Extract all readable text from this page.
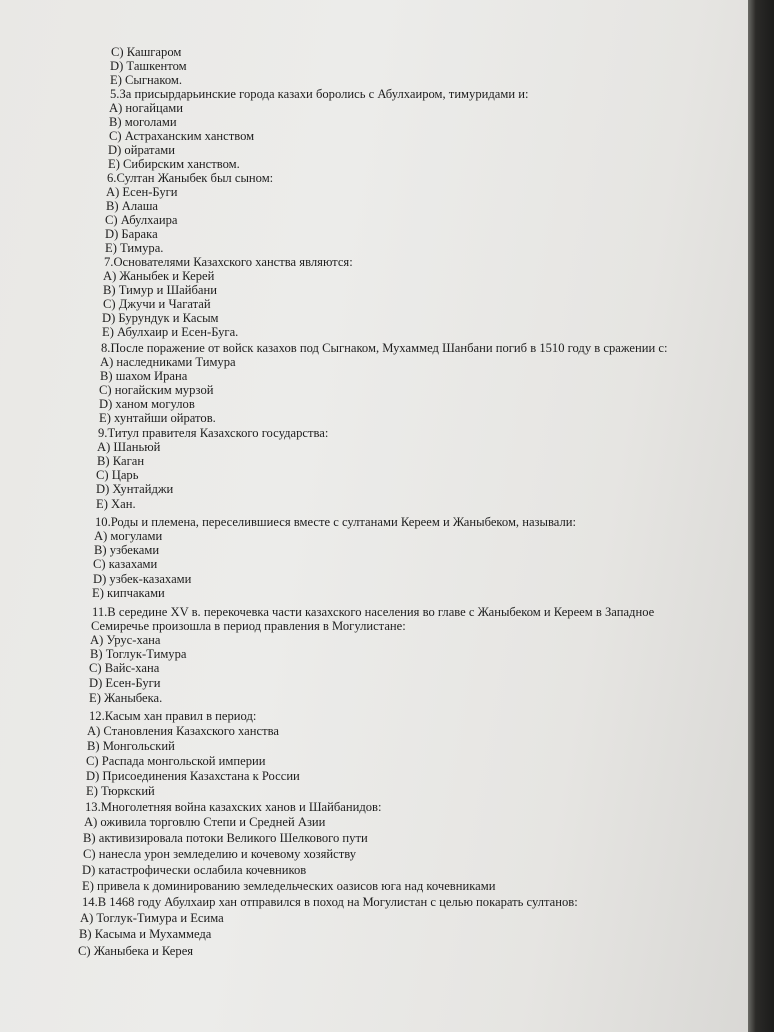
С) Кашгаром
D) Ташкентом
Е) Сыгнаком.
5.За присырдарьинские города казахи боролись с Абулхаиром, тимуридами и:
А) ногайцами
В) моголами
С) Астраханским ханством
D) ойратами
Е) Сибирским ханством.
6.Султан Жаныбек был сыном:
А) Есен-Буги
В) Алаша
С) Абулхаира
D) Барака
Е) Тимура.
7.Основателями Казахского ханства являются:
А) Жаныбек и Керей
В) Тимур и Шайбани
С) Джучи и Чагатай
D) Бурундук и Касым
Е) Абулхаир и Есен-Буга.
8.После поражение от войск казахов под Сыгнаком, Мухаммед Шанбани погиб в 1510 году в сражении с:
А) наследниками Тимура
В) шахом Ирана
С) ногайским мурзой
D) ханом могулов
Е) хунтайши ойратов.
9.Титул правителя Казахского государства:
А) Шаньюй
В) Каган
С) Царь
D) Хунтайджи
Е) Хан.
10.Роды и племена, переселившиеся вместе с султанами Кереем и Жаныбеком, называли:
А) могулами
В) узбеками
С) казахами
D) узбек-казахами
Е) кипчаками
11.В середине XV в. перекочевка части казахского населения во главе с Жаныбеком и Кереем в Западное
Семиречье произошла в период правления в Могулистане:
А) Урус-хана
В) Тоглук-Тимура
С) Вайс-хана
D) Есен-Буги
Е) Жаныбека.
12.Касым хан правил в период:
А) Становления Казахского ханства
В) Монгольский
С) Распада монгольской империи
D) Присоединения Казахстана к России
Е) Тюркский
13.Многолетняя война казахских ханов и Шайбанидов:
А) оживила торговлю Степи и Средней Азии
В) активизировала потоки Великого Шелкового пути
С) нанесла урон земледелию и кочевому хозяйству
D) катастрофически ослабила кочевников
Е) привела к доминированию земледельческих оазисов юга над кочевниками
14.В 1468 году Абулхаир хан отправился в поход на Могулистан с целью покарать султанов:
А) Тоглук-Тимура и Есима
В) Касыма и Мухаммеда
С) Жаныбека и Керея
